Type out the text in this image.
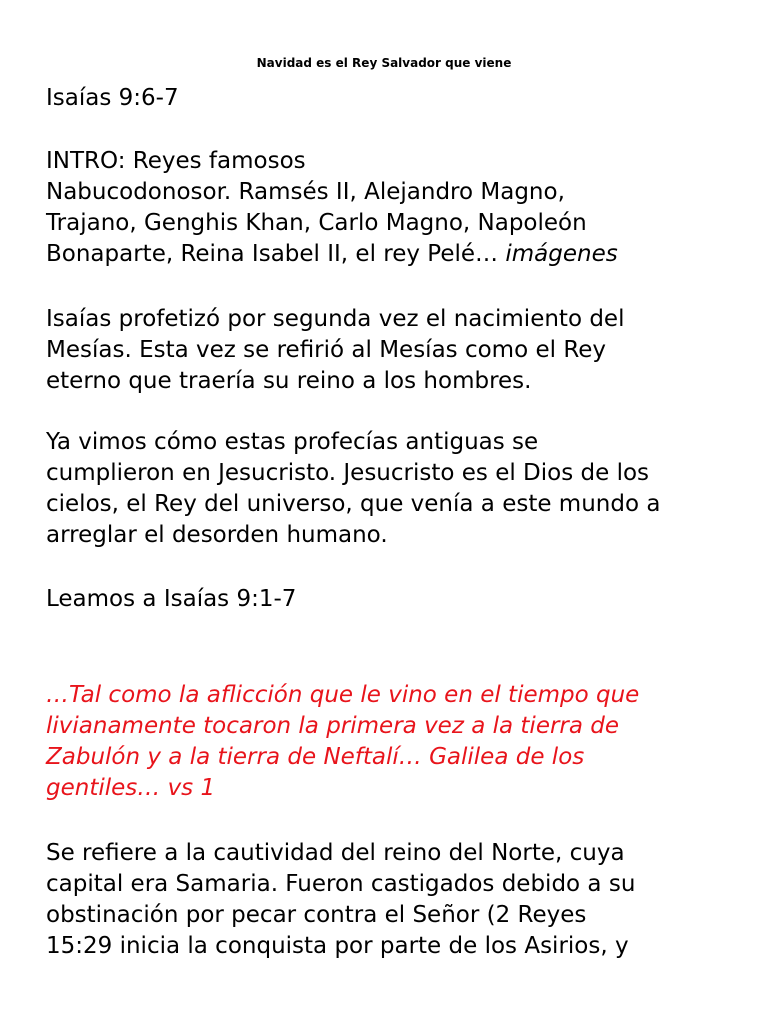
Navidad es el Rey Salvador que viene
Isaías 9:6-7
INTRO: Reyes famosos
Nabucodonosor. Ramsés II, Alejandro Magno,
Trajano, Genghis Khan, Carlo Magno, Napoleón
Bonaparte, Reina Isabel II, el rey Pelé… imágenes
Isaías profetizó por segunda vez el nacimiento del
Mesías. Esta vez se refirió al Mesías como el Rey
eterno que traería su reino a los hombres.
Ya vimos cómo estas profecías antiguas se
cumplieron en Jesucristo. Jesucristo es el Dios de los
cielos, el Rey del universo, que venía a este mundo a
arreglar el desorden humano.
Leamos a Isaías 9:1-7
…Tal como la aflicción que le vino en el tiempo que
livianamente tocaron la primera vez a la tierra de
Zabulón y a la tierra de Neftalí… Galilea de los
gentiles… vs 1
Se refiere a la cautividad del reino del Norte, cuya
capital era Samaria. Fueron castigados debido a su
obstinación por pecar contra el Señor (2 Reyes
15:29 inicia la conquista por parte de los Asirios, y
